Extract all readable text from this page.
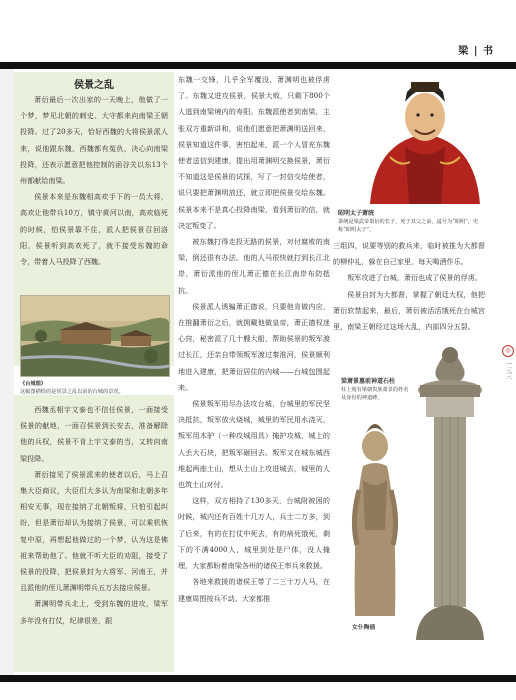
梁 | 书
侯景之乱

萧衍最后一次出家的一天晚上，他做了一个梦，梦见北朝的刺史、大守都来向南梁王朝投降。过了20多天，恰好西魏的大将侯景派人来，说他跟东魏、西魏都有冤仇，决心向南梁投降，还表示愿意把他控制的函谷关以东13个州都献给南梁。

侯景本来是东魏相高欢手下的一员大将，高欢让他带兵10万，镇守黄河以南，高欢临死的时候，怕侯景靠不住，派人把侯景召回洛阳，侯景听到高欢死了，就不接受东魏的命令，带着人马投降了西魏。

《台城图》
这幅图描绘的是侯景之乱以前的台城的景况。

西魏丞相宇文泰也不信任侯景，一面接受侯景的献地，一面召侯景到长安去，准备解除他的兵权，侯景不肯上宇文泰的当，又转向南梁投降。

萧衍接见了侯景派来的使者以后，马上召集大臣商议，大臣们大多认为南梁和北朝多年相安无事，现在接纳了北朝叛将，只怕引起纠纷，但是萧衍却认为接纳了侯景，可以乘机恢复中原，再想起他做过的一个梦，认为这是佛祖来帮助他了。他就不听大臣的劝阻，接受了侯景的投降，把侯景封为大将军、河南王，并且派他的侄儿萧渊明带兵五万去接应侯景。

萧渊明带兵北上，受到东魏的进攻，梁军多年没有打仗，纪律很差，跟

东魏一交锋，几乎全军覆没，萧渊明也被俘虏了。东魏又进攻侯景，侯景大败，只剩下800个人逃到南梁境内的寿阳。东魏派使者到南梁，主张双方重新讲和，说他们愿意把萧渊明送回来，侯景知道这件事，害怕起来，派一个人冒充东魏使者送信到建康，提出用萧渊明交换侯景，萧衍不知道这是侯景的试探，写了一封信交给使者，说只要把萧渊明放还，就立即把侯景交给东魏。侯景本来不是真心投降南梁，看到萧衍的信，就决定叛变了。

被东魏打得走投无路的侯景，对付腐败的南梁，倒还很有办法。他的人马很快就打到长江北岸，萧衍派他的侄儿萧正德在长江南岸布防抵抗。

侯景派人诱骗萧正德说，只要他肯做内应，在推翻萧衍之后，就拥戴他做皇帝，萧正德权迷心窍，秘密派了几十艘大船，帮助侯景的叛军渡过长江，还亲自带领叛军渡过秦淮河，侯景顺利地进入建康，把萧衍居住的内城——台城包围起来。

侯景叛军用尽办法攻台城，台城里的军民坚决抵抗，叛军放火烧城，城里的军民用水浇灭，叛军用木驴（一种攻城用具）掩护攻城，城上的人丢大石块，把叛军砸回去。叛军又在城东城西堆起两座土山，想从土山上攻进城去，城里的人也筑土山对付。

这样，双方相持了130多天，台城附被困的时候，城内还有百姓十几万人，兵士二万多，到了后来，有的在打仗中死去，有的病死饿死，剩下的不满4000人，城里到处是尸体，没人掩埋，大家都盼着南梁各州的诸侯王率兵来救援。

各地来救援的诸侯王带了二三十万人马，在建康周围按兵不动。大家都推

昭明太子萧统
萧统是梁武帝萧衍的长子，死于其父之前，谥号为“昭明”，史称“昭明太子”。

三组四，说要等别的救兵来，临时被推为大都督的柳仲礼，躲在自己家里，每天喝酒作乐。

叛军攻进了台城，萧衍也成了侯景的俘虏。

侯景自封为大都督，掌握了朝廷大权，他把萧衍软禁起来，最后，萧衍被活活饿死在台城宫里，南梁王朝经过这场大乱，内部四分五裂。

梁萧景墓前神道石柱
柱上刻有梁朝贵族萧景的姓名及身份的神道碑。
女仆陶俑
◎
一三三
